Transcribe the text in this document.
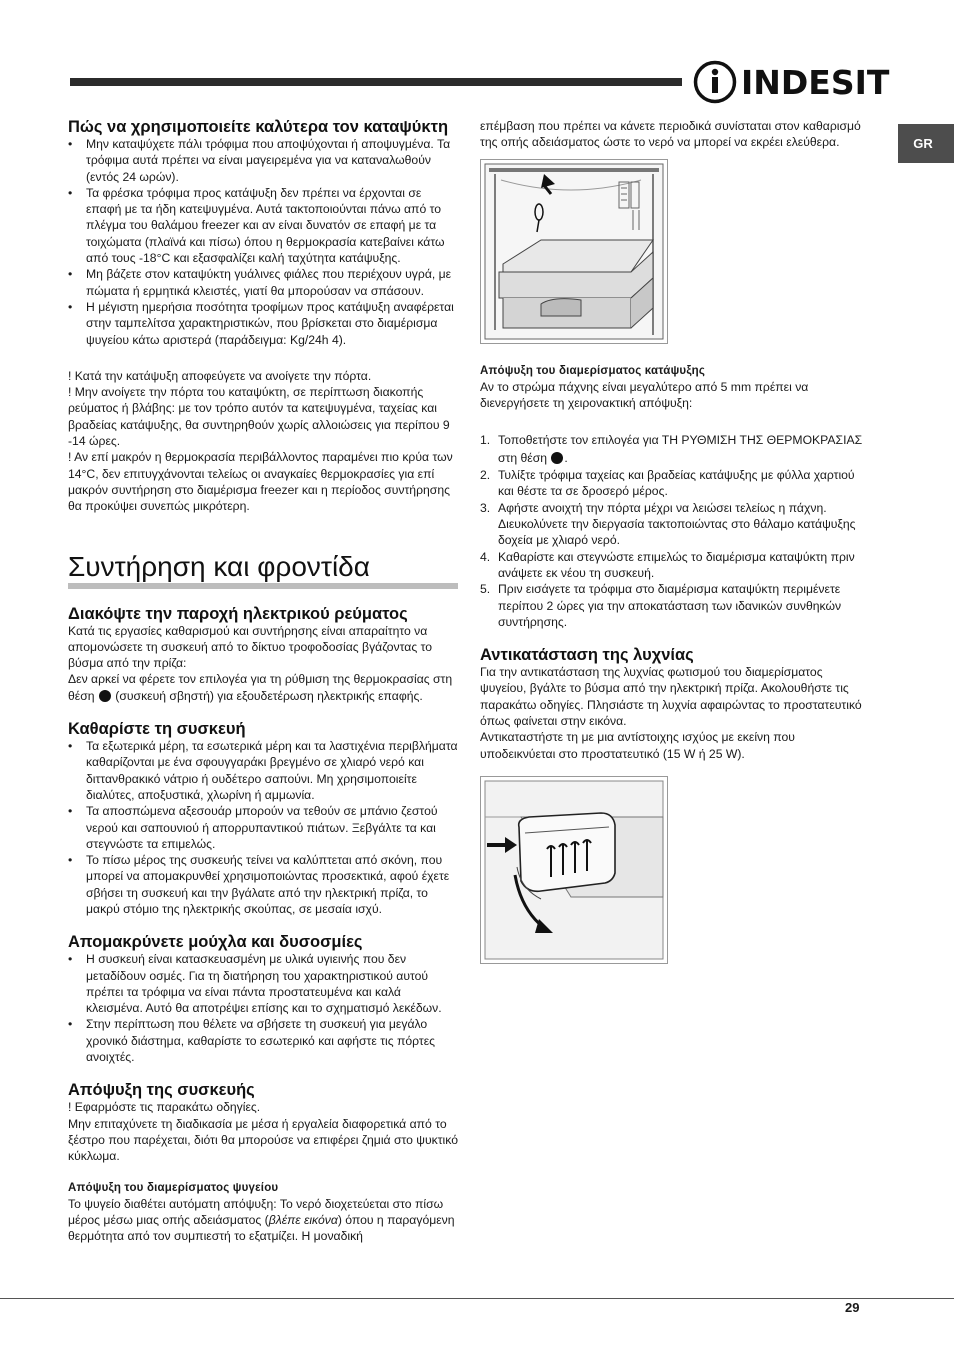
INDESIT
GR
Πώς να χρησιμοποιείτε καλύτερα τον καταψύκτη
• Μην καταψύχετε πάλι τρόφιμα που αποψύχονται ή αποψυγμένα. Τα τρόφιμα αυτά πρέπει να είναι μαγειρεμένα για να καταναλωθούν (εντός 24 ωρών).
• Τα φρέσκα τρόφιμα προς κατάψυξη δεν πρέπει να έρχονται σε επαφή με τα ήδη κατεψυγμένα. Αυτά τακτοποιούνται πάνω από το πλέγμα του θαλάμου freezer και αν είναι δυνατόν σε επαφή με τα τοιχώματα (πλαϊνά και πίσω) όπου η θερμοκρασία κατεβαίνει κάτω από τους -18°C και εξασφαλίζει καλή ταχύτητα κατάψυξης.
• Μη βάζετε στον καταψύκτη γυάλινες φιάλες που περιέχουν υγρά, με πώματα ή ερμητικά κλειστές, γιατί θα μπορούσαν να σπάσουν.
• Η μέγιστη ημερήσια ποσότητα τροφίμων προς κατάψυξη αναφέρεται στην ταμπελίτσα χαρακτηριστικών, που βρίσκεται στο διαμέρισμα ψυγείου κάτω αριστερά (παράδειγμα: Kg/24h 4).

! Κατά την κατάψυξη αποφεύγετε να ανοίγετε την πόρτα.

! Μην ανοίγετε την πόρτα του καταψύκτη, σε περίπτωση διακοπής ρεύματος ή βλάβης: με τον τρόπο αυτόν τα κατεψυγμένα, ταχείας και βραδείας κατάψυξης, θα συντηρηθούν χωρίς αλλοιώσεις για περίπου 9 -14 ώρες.

! Αν επί μακρόν η θερμοκρασία περιβάλλοντος παραμένει πιο κρύα των 14°C, δεν επιτυγχάνονται τελείως οι αναγκαίες θερμοκρασίες για επί μακρόν συντήρηση στο διαμέρισμα freezer και η περίοδος συντήρησης θα προκύψει συνεπώς μικρότερη.

Συντήρηση και φροντίδα
Διακόψτε την παροχή ηλεκτρικού ρεύματος

Κατά τις εργασίες καθαρισμού και συντήρησης είναι απαραίτητο να απομονώσετε τη συσκευή από το δίκτυο τροφοδοσίας βγάζοντας το βύσμα από την πρίζα:

Δεν αρκεί να φέρετε τον επιλογέα για τη ρύθμιση της θερμοκρασίας στη θέση (συσκευή σβηστή) για εξουδετέρωση ηλεκτρικής επαφής.

Καθαρίστε τη συσκευή
• Τα εξωτερικά μέρη, τα εσωτερικά μέρη και τα λαστιχένια περιβλήματα καθαρίζονται με ένα σφουγγαράκι βρεγμένο σε χλιαρό νερό και διττανθρακικό νάτριο ή ουδέτερο σαπούνι. Μη χρησιμοποιείτε διαλύτες, αποξυστικά, χλωρίνη ή αμμωνία.
• Τα αποσπώμενα αξεσουάρ μπορούν να τεθούν σε μπάνιο ζεστού νερού και σαπουνιού ή απορρυπαντικού πιάτων. Ξεβγάλτε τα και στεγνώστε τα επιμελώς.
• Το πίσω μέρος της συσκευής τείνει να καλύπτεται από σκόνη, που μπορεί να απομακρυνθεί χρησιμοποιώντας προσεκτικά, αφού έχετε σβήσει τη συσκευή και την βγάλατε από την ηλεκτρική πρίζα, το μακρύ στόμιο της ηλεκτρικής σκούπας, σε μεσαία ισχύ.
Απομακρύνετε μούχλα και δυσοσμίες
• Η συσκευή είναι κατασκευασμένη με υλικά υγιεινής που δεν μεταδίδουν οσμές. Για τη διατήρηση του χαρακτηριστικού αυτού πρέπει τα τρόφιμα να είναι πάντα προστατευμένα και καλά κλεισμένα. Αυτό θα αποτρέψει επίσης και το σχηματισμό λεκέδων.
• Στην περίπτωση που θέλετε να σβήσετε τη συσκευή για μεγάλο χρονικό διάστημα, καθαρίστε το εσωτερικό και αφήστε τις πόρτες ανοιχτές.
Απόψυξη της συσκευής

! Εφαρμόστε τις παρακάτω οδηγίες.

Μην επιταχύνετε τη διαδικασία με μέσα ή εργαλεία διαφορετικά από το ξέστρο που παρέχεται, διότι θα μπορούσε να επιφέρει ζημιά στο ψυκτικό κύκλωμα.

Απόψυξη του διαμερίσματος ψυγείου

Το ψυγείο διαθέτει αυτόματη απόψυξη: Το νερό διοχετεύεται στο πίσω μέρος μέσω μιας οπής αδειάσματος (βλέπε εικόνα) όπου η παραγόμενη θερμότητα από τον συμπιεστή το εξατμίζει. Η μοναδική

επέμβαση που πρέπει να κάνετε περιοδικά συνίσταται στον καθαρισμό της οπής αδειάσματος ώστε το νερό να μπορεί να εκρέει ελεύθερα.

Απόψυξη του διαμερίσματος κατάψυξης

Αν το στρώμα πάχνης είναι μεγαλύτερο από 5 mm πρέπει να διενεργήσετε τη χειρονακτική απόψυξη:

1. Τοποθετήστε τον επιλογέα για ΤΗ ΡΥΘΜΙΣΗ ΤΗΣ ΘΕΡΜΟΚΡΑΣΙΑΣ στη θέση .
2. Τυλίξτε τρόφιμα ταχείας και βραδείας κατάψυξης με φύλλα χαρτιού και θέστε τα σε δροσερό μέρος.
3. Αφήστε ανοιχτή την πόρτα μέχρι να λειώσει τελείως η πάχνη. Διευκολύνετε την διεργασία τακτοποιώντας στο θάλαμο κατάψυξης δοχεία με χλιαρό νερό.
4. Καθαρίστε και στεγνώστε επιμελώς το διαμέρισμα καταψύκτη πριν ανάψετε εκ νέου τη συσκευή.
5. Πριν εισάγετε τα τρόφιμα στο διαμέρισμα καταψύκτη περιμένετε περίπου 2 ώρες για την αποκατάσταση των ιδανικών συνθηκών συντήρησης.
Αντικατάσταση της λυχνίας

Για την αντικατάσταση της λυχνίας φωτισμού του διαμερίσματος ψυγείου, βγάλτε το βύσμα από την ηλεκτρική πρίζα. Ακολουθήστε τις παρακάτω οδηγίες. Πλησιάστε τη λυχνία αφαιρώντας το προστατευτικό όπως φαίνεται στην εικόνα.

Αντικαταστήστε τη με μια αντίστοιχης ισχύος με εκείνη που υποδεικνύεται στο προστατευτικό (15 W ή 25 W).

29
